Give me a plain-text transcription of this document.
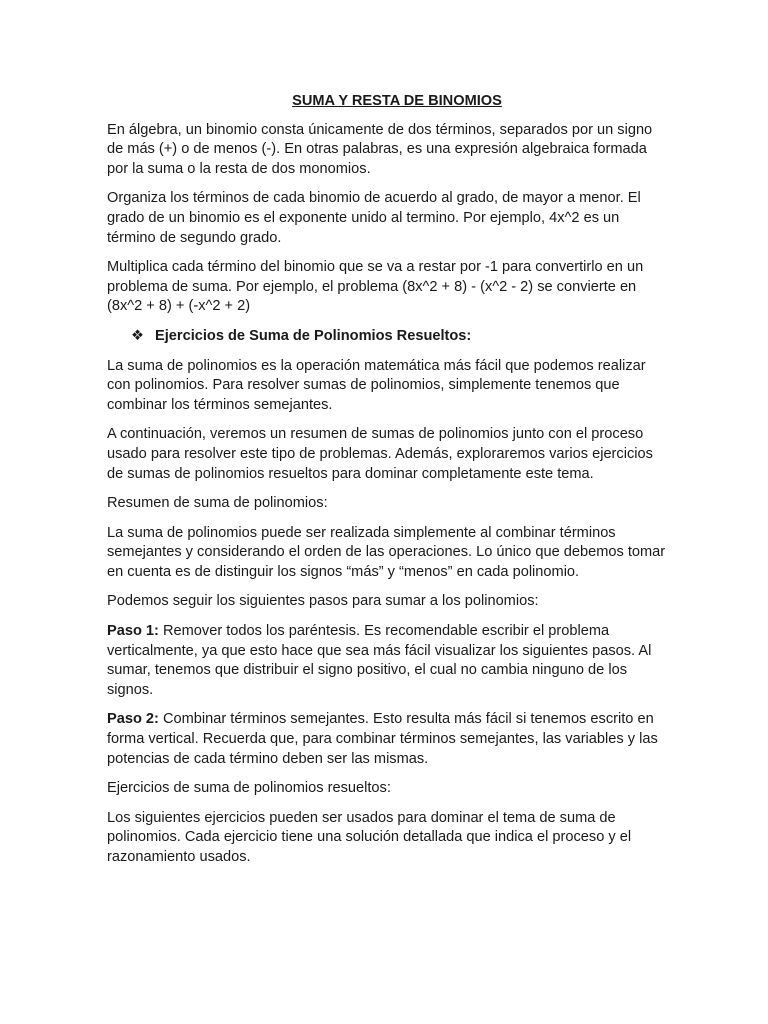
SUMA Y RESTA DE BINOMIOS

En álgebra, un binomio consta únicamente de dos términos, separados por un signo de más (+) o de menos (-). En otras palabras, es una expresión algebraica formada por la suma o la resta de dos monomios.

Organiza los términos de cada binomio de acuerdo al grado, de mayor a menor. El grado de un binomio es el exponente unido al termino. Por ejemplo, 4x^2 es un término de segundo grado.

Multiplica cada término del binomio que se va a restar por -1 para convertirlo en un problema de suma. Por ejemplo, el problema (8x^2 + 8) - (x^2 - 2) se convierte en (8x^2 + 8) + (-x^2 + 2)

❖ Ejercicios de Suma de Polinomios Resueltos:

La suma de polinomios es la operación matemática más fácil que podemos realizar con polinomios. Para resolver sumas de polinomios, simplemente tenemos que combinar los términos semejantes.

A continuación, veremos un resumen de sumas de polinomios junto con el proceso usado para resolver este tipo de problemas. Además, exploraremos varios ejercicios de sumas de polinomios resueltos para dominar completamente este tema.

Resumen de suma de polinomios:

La suma de polinomios puede ser realizada simplemente al combinar términos semejantes y considerando el orden de las operaciones. Lo único que debemos tomar en cuenta es de distinguir los signos “más” y “menos” en cada polinomio.

Podemos seguir los siguientes pasos para sumar a los polinomios:

Paso 1: Remover todos los paréntesis. Es recomendable escribir el problema verticalmente, ya que esto hace que sea más fácil visualizar los siguientes pasos. Al sumar, tenemos que distribuir el signo positivo, el cual no cambia ninguno de los signos.

Paso 2: Combinar términos semejantes. Esto resulta más fácil si tenemos escrito en forma vertical. Recuerda que, para combinar términos semejantes, las variables y las potencias de cada término deben ser las mismas.

Ejercicios de suma de polinomios resueltos:

Los siguientes ejercicios pueden ser usados para dominar el tema de suma de polinomios. Cada ejercicio tiene una solución detallada que indica el proceso y el razonamiento usados.
